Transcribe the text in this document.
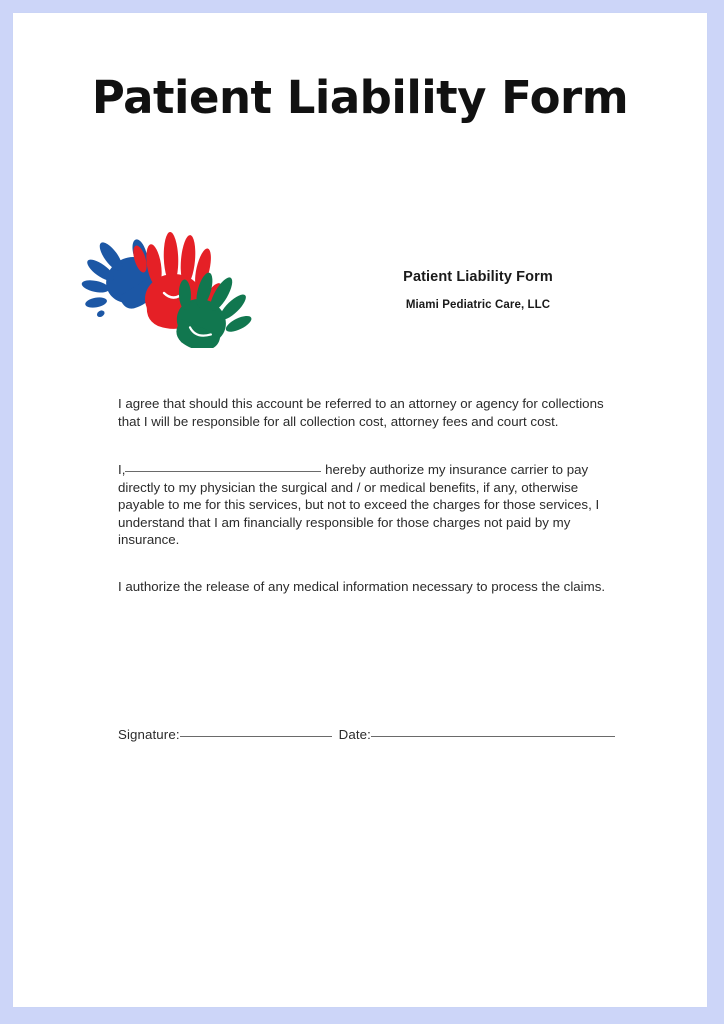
Patient Liability Form
Patient Liability Form
Miami Pediatric Care, LLC

I agree that should this account be referred to an attorney or agency for collections that I will be responsible for all collection cost, attorney fees and court cost.

I,	hereby authorize my insurance carrier to pay directly to my physician the surgical and / or medical benefits, if any, otherwise payable to me for this services, but not to exceed the charges for those services, I understand that I am financially responsible for those charges not paid by my insurance.

I authorize the release of any medical information necessary to process the claims.

Signature:	Date:
